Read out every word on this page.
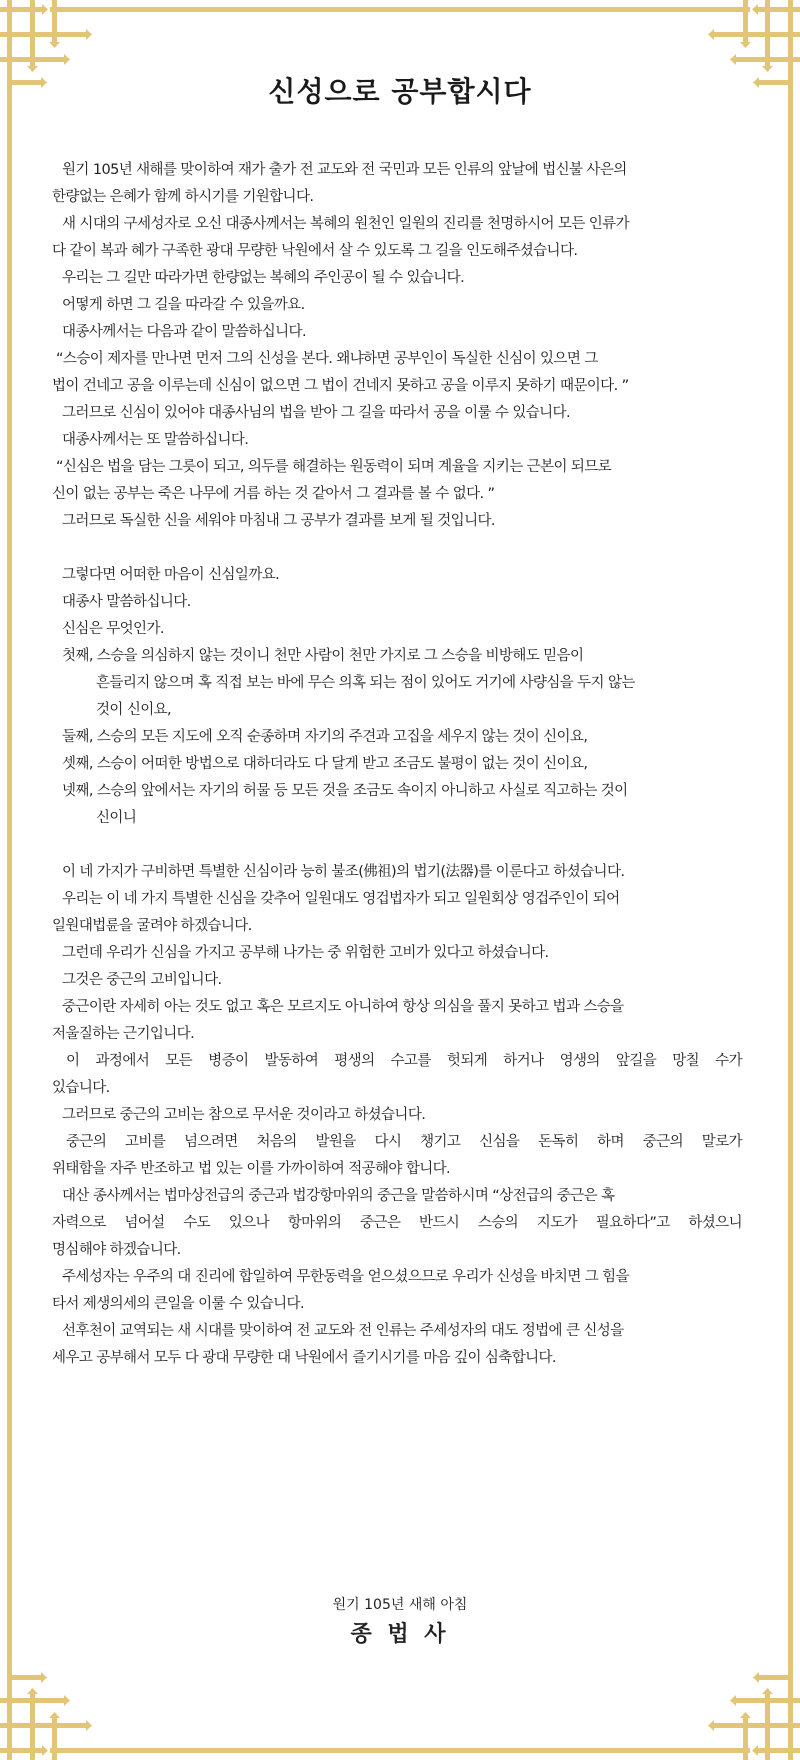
신성으로 공부합시다
원기 105년 새해를 맞이하여 재가 출가 전 교도와 전 국민과 모든 인류의 앞날에 법신불 사은의
한량없는 은혜가 함께 하시기를 기원합니다.
새 시대의 구세성자로 오신 대종사께서는 복혜의 원천인 일원의 진리를 천명하시어 모든 인류가
다 같이 복과 혜가 구족한 광대 무량한 낙원에서 살 수 있도록 그 길을 인도해주셨습니다.
우리는 그 길만 따라가면 한량없는 복혜의 주인공이 될 수 있습니다.
어떻게 하면 그 길을 따라갈 수 있을까요.
대종사께서는 다음과 같이 말씀하십니다.
“스승이 제자를 만나면 먼저 그의 신성을 본다. 왜냐하면 공부인이 독실한 신심이 있으면 그
법이 건네고 공을 이루는데 신심이 없으면 그 법이 건네지 못하고 공을 이루지 못하기 때문이다. ”
그러므로 신심이 있어야 대종사님의 법을 받아 그 길을 따라서 공을 이룰 수 있습니다.
대종사께서는 또 말씀하십니다.
“신심은 법을 담는 그릇이 되고, 의두를 해결하는 원동력이 되며 계율을 지키는 근본이 되므로
신이 없는 공부는 죽은 나무에 거름 하는 것 같아서 그 결과를 볼 수 없다. ”
그러므로 독실한 신을 세워야 마침내 그 공부가 결과를 보게 될 것입니다.
그렇다면 어떠한 마음이 신심일까요.
대종사 말씀하십니다.
신심은 무엇인가.
첫째, 스승을 의심하지 않는 것이니 천만 사람이 천만 가지로 그 스승을 비방해도 믿음이
흔들리지 않으며 혹 직접 보는 바에 무슨 의혹 되는 점이 있어도 거기에 사량심을 두지 않는
것이 신이요,
둘째, 스승의 모든 지도에 오직 순종하며 자기의 주견과 고집을 세우지 않는 것이 신이요,
셋째, 스승이 어떠한 방법으로 대하더라도 다 달게 받고 조금도 불평이 없는 것이 신이요,
넷째, 스승의 앞에서는 자기의 허물 등 모든 것을 조금도 속이지 아니하고 사실로 직고하는 것이
신이니
이 네 가지가 구비하면 특별한 신심이라 능히 불조(佛祖)의 법기(法器)를 이룬다고 하셨습니다.
우리는 이 네 가지 특별한 신심을 갖추어 일원대도 영겁법자가 되고 일원회상 영겁주인이 되어
일원대법륜을 굴려야 하겠습니다.
그런데 우리가 신심을 가지고 공부해 나가는 중 위험한 고비가 있다고 하셨습니다.
그것은 중근의 고비입니다.
중근이란 자세히 아는 것도 없고 혹은 모르지도 아니하여 항상 의심을 풀지 못하고 법과 스승을
저울질하는 근기입니다.
이 과정에서 모든 병증이 발동하여 평생의 수고를 헛되게 하거나 영생의 앞길을 망칠 수가
있습니다.
그러므로 중근의 고비는 참으로 무서운 것이라고 하셨습니다.
중근의 고비를 넘으려면 처음의 발원을 다시 챙기고 신심을 돈독히 하며 중근의 말로가
위태함을 자주 반조하고 법 있는 이를 가까이하여 적공해야 합니다.
대산 종사께서는 법마상전급의 중근과 법강항마위의 중근을 말씀하시며 “상전급의 중근은 혹
자력으로 넘어설 수도 있으나 항마위의 중근은 반드시 스승의 지도가 필요하다”고 하셨으니
명심해야 하겠습니다.
주세성자는 우주의 대 진리에 합일하여 무한동력을 얻으셨으므로 우리가 신성을 바치면 그 힘을
타서 제생의세의 큰일을 이룰 수 있습니다.
선후천이 교역되는 새 시대를 맞이하여 전 교도와 전 인류는 주세성자의 대도 정법에 큰 신성을
세우고 공부해서 모두 다 광대 무량한 대 낙원에서 즐기시기를 마음 깊이 심축합니다.
원기 105년 새해 아침
종 법 사
